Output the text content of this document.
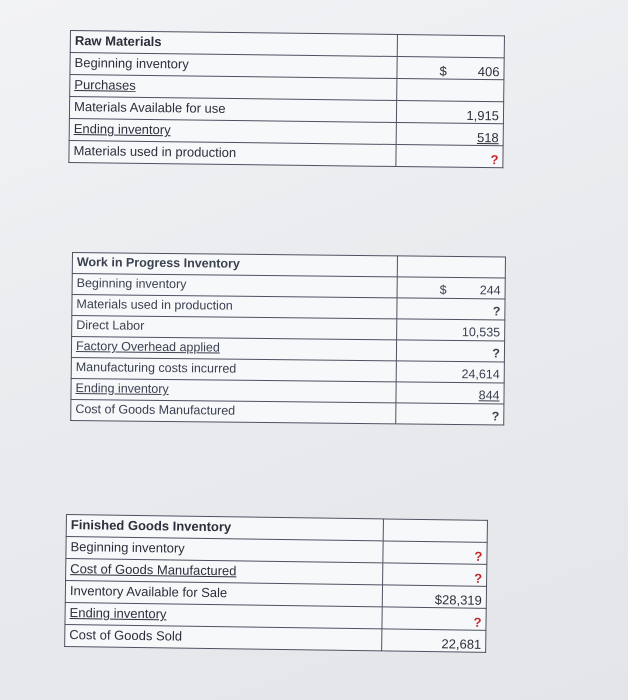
Raw Materials	
Beginning inventory	$ 406
Purchases	
Materials Available for use	1,915
Ending inventory	518
Materials used in production	?
Work in Progress Inventory	
Beginning inventory	$ 244
Materials used in production	?
Direct Labor	10,535
Factory Overhead applied	?
Manufacturing costs incurred	24,614
Ending inventory	844
Cost of Goods Manufactured	?
Finished Goods Inventory	
Beginning inventory	?
Cost of Goods Manufactured	?
Inventory Available for Sale	$28,319
Ending inventory	?
Cost of Goods Sold	22,681
